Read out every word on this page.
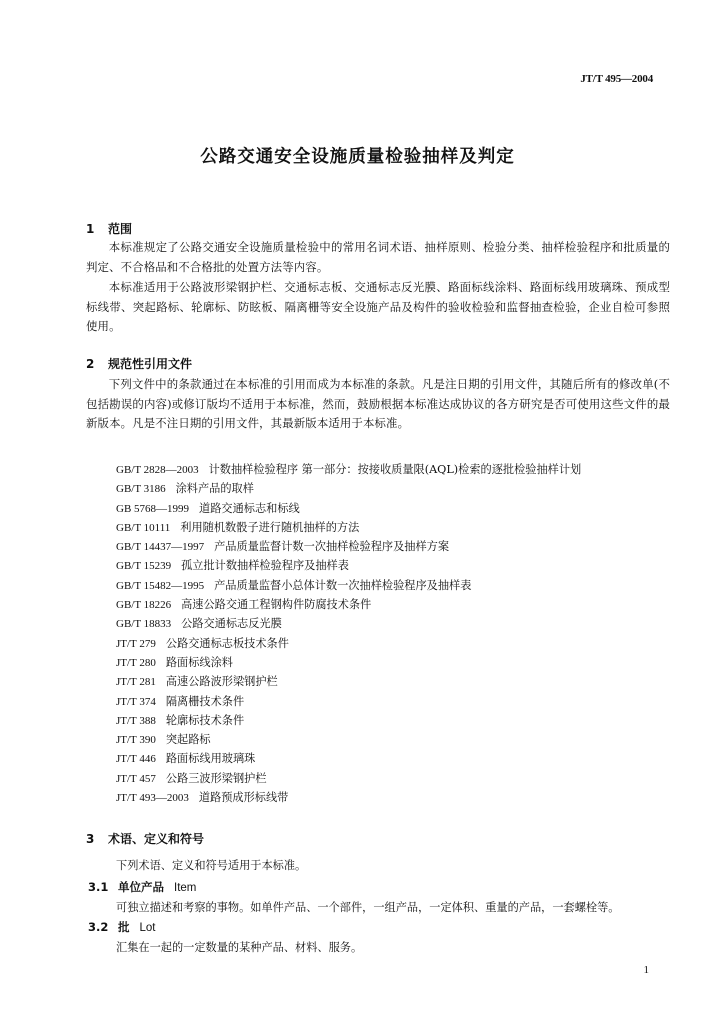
JT/T 495—2004
公路交通安全设施质量检验抽样及判定
1 范围
本标准规定了公路交通安全设施质量检验中的常用名词术语、抽样原则、检验分类、抽样检验程序和批质量的判定、不合格品和不合格批的处置方法等内容。
本标准适用于公路波形梁钢护栏、交通标志板、交通标志反光膜、路面标线涂料、路面标线用玻璃珠、预成型标线带、突起路标、轮廓标、防眩板、隔离栅等安全设施产品及构件的验收检验和监督抽查检验，企业自检可参照使用。
2 规范性引用文件
下列文件中的条款通过在本标准的引用而成为本标准的条款。凡是注日期的引用文件，其随后所有的修改单(不包括勘误的内容)或修订版均不适用于本标准，然而，鼓励根据本标准达成协议的各方研究是否可使用这些文件的最新版本。凡是不注日期的引用文件，其最新版本适用于本标准。
GB/T 2828—2003 计数抽样检验程序 第一部分：按接收质量限(AQL)检索的逐批检验抽样计划
GB/T 3186 涂料产品的取样
GB 5768—1999 道路交通标志和标线
GB/T 10111 利用随机数骰子进行随机抽样的方法
GB/T 14437—1997 产品质量监督计数一次抽样检验程序及抽样方案
GB/T 15239 孤立批计数抽样检验程序及抽样表
GB/T 15482—1995 产品质量监督小总体计数一次抽样检验程序及抽样表
GB/T 18226 高速公路交通工程钢构件防腐技术条件
GB/T 18833 公路交通标志反光膜
JT/T 279 公路交通标志板技术条件
JT/T 280 路面标线涂料
JT/T 281 高速公路波形梁钢护栏
JT/T 374 隔离栅技术条件
JT/T 388 轮廓标技术条件
JT/T 390 突起路标
JT/T 446 路面标线用玻璃珠
JT/T 457 公路三波形梁钢护栏
JT/T 493—2003 道路预成形标线带
3 术语、定义和符号
下列术语、定义和符号适用于本标准。
3.1 单位产品 Item
可独立描述和考察的事物。如单件产品、一个部件，一组产品，一定体积、重量的产品，一套螺栓等。
3.2 批 Lot
汇集在一起的一定数量的某种产品、材料、服务。
1
